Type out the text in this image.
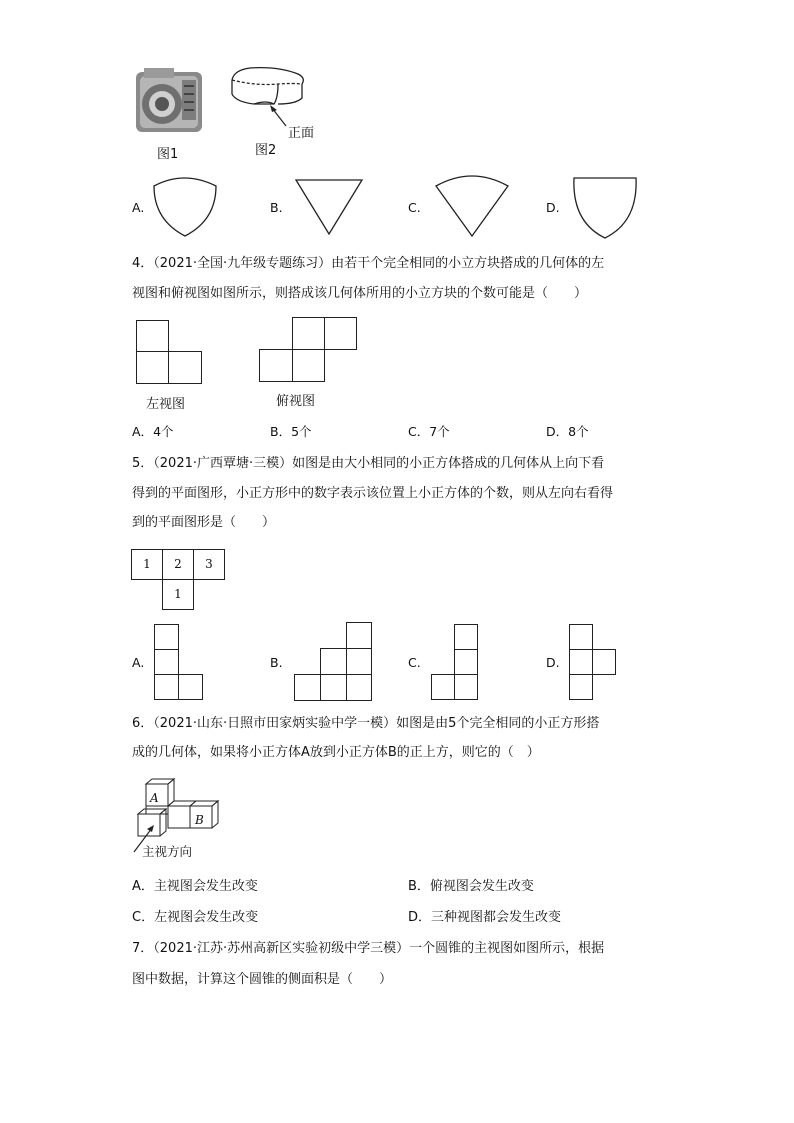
图1
正面
图2
A.	B.	C.	D.
4．（2021·全国·九年级专题练习）由若干个完全相同的小立方块搭成的几何体的左
视图和俯视图如图所示，则搭成该几何体所用的小立方块的个数可能是（　　）
左视图	俯视图
A．4个	B．5个	C．7个	D．8个
5．（2021·广西覃塘·三模）如图是由大小相同的小正方体搭成的几何体从上向下看
得到的平面图形，小正方形中的数字表示该位置上小正方体的个数，则从左向右看得
到的平面图形是（　　）
1	2	3
1
A.	B.	C.	D.
6．（2021·山东·日照市田家炳实验中学一模）如图是由5个完全相同的小正方形搭
成的几何体，如果将小正方体A放到小正方体B的正上方，则它的（　）
A
B
主视方向
A．主视图会发生改变	B．俯视图会发生改变
C．左视图会发生改变	D．三种视图都会发生改变
7．（2021·江苏·苏州高新区实验初级中学三模）一个圆锥的主视图如图所示，根据
图中数据，计算这个圆锥的侧面积是（　　）
